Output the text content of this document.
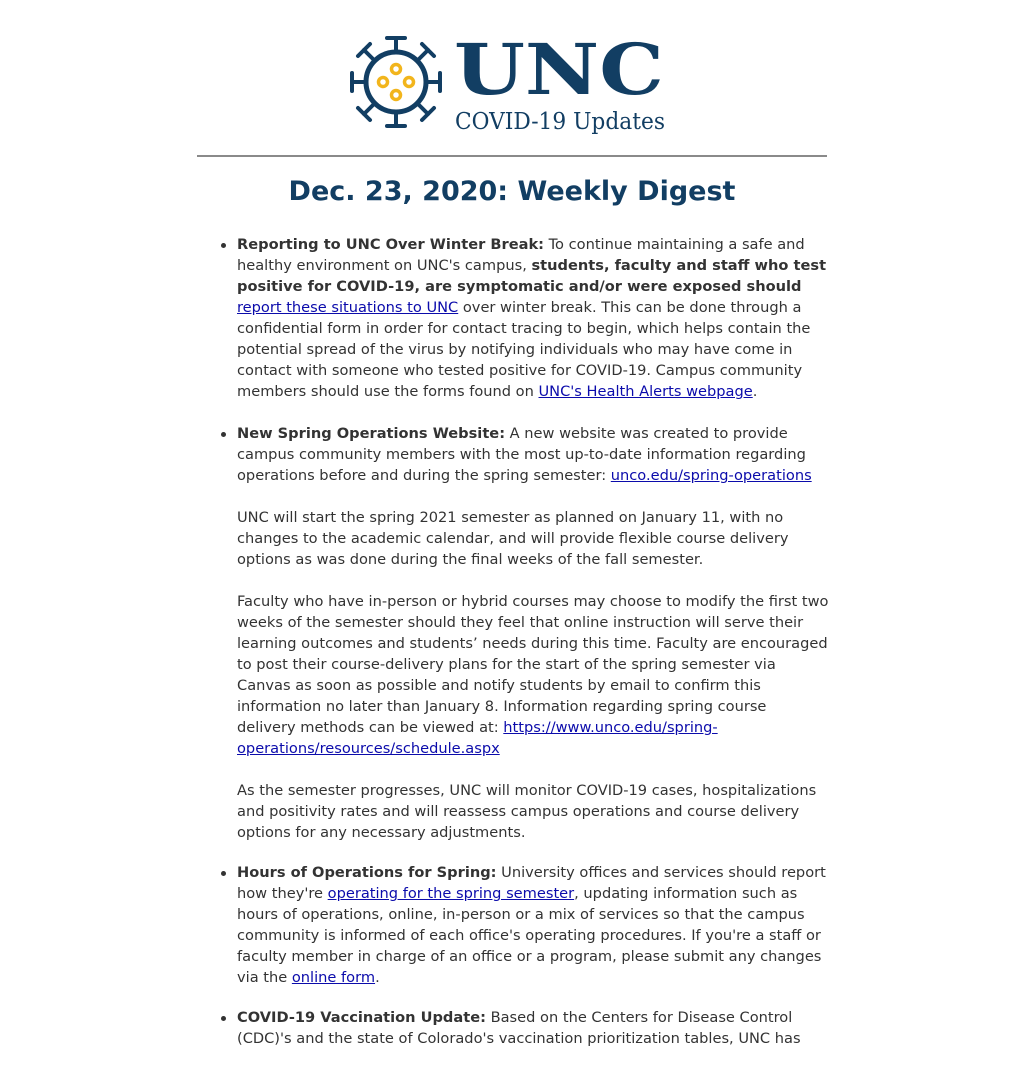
UNC
COVID-19 Updates
Dec. 23, 2020: Weekly Digest

Reporting to UNC Over Winter Break: To continue maintaining a safe and healthy environment on UNC's campus, students, faculty and staff who test positive for COVID-19, are symptomatic and/or were exposed should report these situations to UNC over winter break. This can be done through a confidential form in order for contact tracing to begin, which helps contain the potential spread of the virus by notifying individuals who may have come in contact with someone who tested positive for COVID-19. Campus community members should use the forms found on UNC's Health Alerts webpage.

New Spring Operations Website: A new website was created to provide campus community members with the most up-to-date information regarding operations before and during the spring semester: unco.edu/spring-operations

UNC will start the spring 2021 semester as planned on January 11, with no changes to the academic calendar, and will provide flexible course delivery options as was done during the final weeks of the fall semester.

Faculty who have in-person or hybrid courses may choose to modify the first two weeks of the semester should they feel that online instruction will serve their learning outcomes and students’ needs during this time. Faculty are encouraged to post their course-delivery plans for the start of the spring semester via Canvas as soon as possible and notify students by email to confirm this information no later than January 8. Information regarding spring course delivery methods can be viewed at: https://www.unco.edu/spring-operations/resources/schedule.aspx

As the semester progresses, UNC will monitor COVID-19 cases, hospitalizations and positivity rates and will reassess campus operations and course delivery options for any necessary adjustments.

Hours of Operations for Spring: University offices and services should report how they're operating for the spring semester, updating information such as hours of operations, online, in-person or a mix of services so that the campus community is informed of each office's operating procedures. If you're a staff or faculty member in charge of an office or a program, please submit any changes via the online form.

COVID-19 Vaccination Update: Based on the Centers for Disease Control (CDC)'s and the state of Colorado's vaccination prioritization tables, UNC has
